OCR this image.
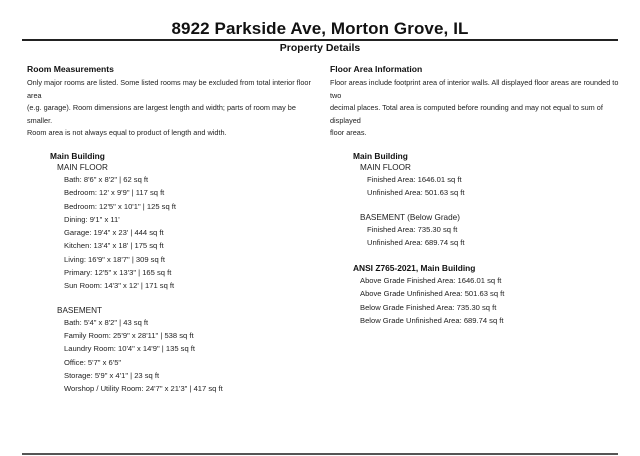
8922 Parkside Ave, Morton Grove, IL
Property Details
Room Measurements

Only major rooms are listed. Some listed rooms may be excluded from total interior floor area

(e.g. garage). Room dimensions are largest length and width; parts of room may be smaller.

Room area is not always equal to product of length and width.

Main Building
MAIN FLOOR
Bath: 8'6" x 8'2" | 62 sq ft
Bedroom: 12' x 9'9" | 117 sq ft
Bedroom: 12'5" x 10'1" | 125 sq ft
Dining: 9'1" x 11'
Garage: 19'4" x 23' | 444 sq ft
Kitchen: 13'4" x 18' | 175 sq ft
Living: 16'9" x 18'7" | 309 sq ft
Primary: 12'5" x 13'3" | 165 sq ft
Sun Room: 14'3" x 12' | 171 sq ft
BASEMENT
Bath: 5'4" x 8'2" | 43 sq ft
Family Room: 25'9" x 28'11" | 538 sq ft
Laundry Room: 10'4" x 14'9" | 135 sq ft
Office: 5'7" x 6'5"
Storage: 5'9" x 4'1" | 23 sq ft
Worshop / Utility Room: 24'7" x 21'3" | 417 sq ft
Floor Area Information

Floor areas include footprint area of interior walls. All displayed floor areas are rounded to two

decimal places. Total area is computed before rounding and may not equal to sum of displayed

floor areas.

Main Building
MAIN FLOOR
Finished Area: 1646.01 sq ft
Unfinished Area: 501.63 sq ft
BASEMENT (Below Grade)
Finished Area: 735.30 sq ft
Unfinished Area: 689.74 sq ft
ANSI Z765-2021, Main Building
Above Grade Finished Area: 1646.01 sq ft
Above Grade Unfinished Area: 501.63 sq ft
Below Grade Finished Area: 735.30 sq ft
Below Grade Unfinished Area: 689.74 sq ft
